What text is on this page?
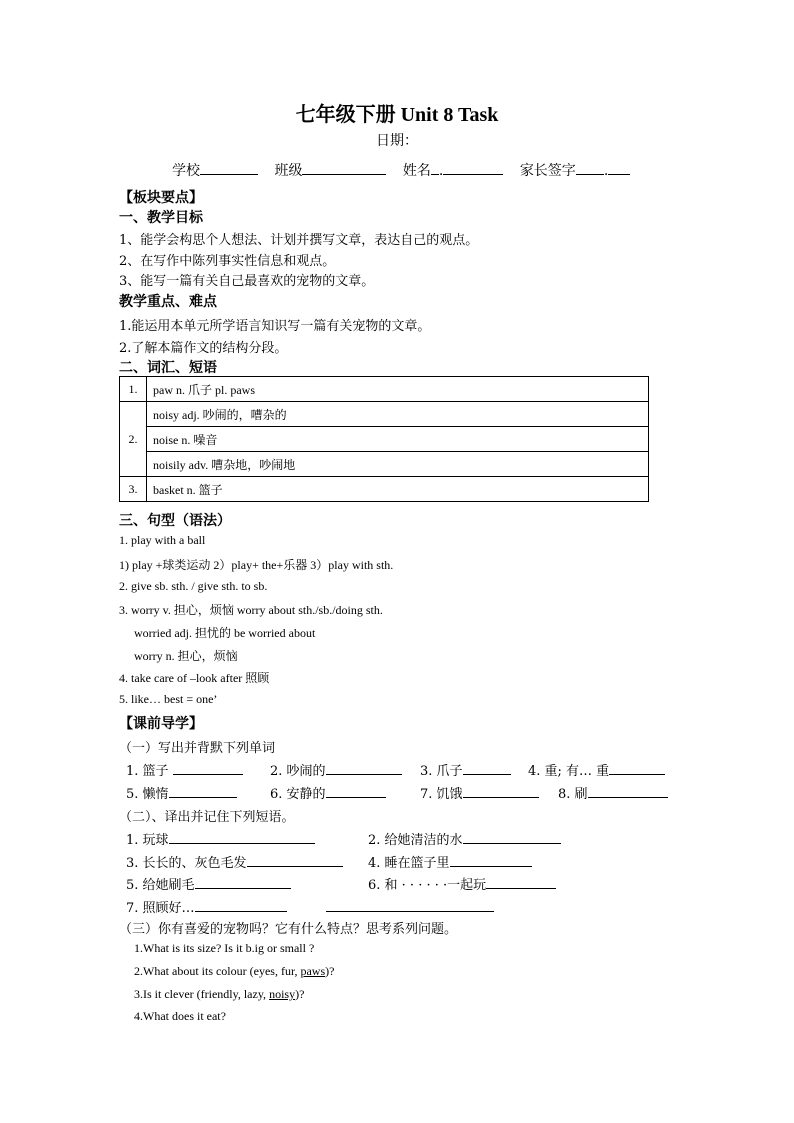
七年级下册 Unit 8 Task
日期：
学校	班级	姓名 .	家长签字 .
【板块要点】
一、教学目标
1、能学会构思个人想法、计划并撰写文章，表达自己的观点。
2、在写作中陈列事实性信息和观点。
3、能写一篇有关自己最喜欢的宠物的文章。
教学重点、难点
1.能运用本单元所学语言知识写一篇有关宠物的文章。
2.了解本篇作文的结构分段。
二、词汇、短语
1.	paw n. 爪子 pl. paws
2.	noisy adj. 吵闹的，嘈杂的
	noise n. 噪音
	noisily adv. 嘈杂地，吵闹地
3.	basket n. 篮子
三、句型（语法）
1. play with a ball
1) play +球类运动 2）play+ the+乐器 3）play with sth.
2. give sb. sth. / give sth. to sb.
3. worry v. 担心，烦恼 worry about sth./sb./doing sth.
worried adj. 担忧的 be worried about
worry n. 担心，烦恼
4. take care of –look after 照顾
5. like… best = one’
【课前导学】
（一）写出并背默下列单词
1. 篮子	2. 吵闹的	3. 爪子	4. 重; 有… 重
5. 懒惰	6. 安静的	7. 饥饿	8. 刷
（二）、译出并记住下列短语。
1. 玩球	2. 给她清洁的水
3. 长长的、灰色毛发	4. 睡在篮子里
5. 给她刷毛	6. 和 · · · · · ·一起玩
7. 照顾好…
（三）你有喜爱的宠物吗？它有什么特点？思考系列问题。
1.What is its size? Is it b.ig or small ?
2.What about its colour (eyes, fur, paws)?
3.Is it clever (friendly, lazy, noisy)?
4.What does it eat?
